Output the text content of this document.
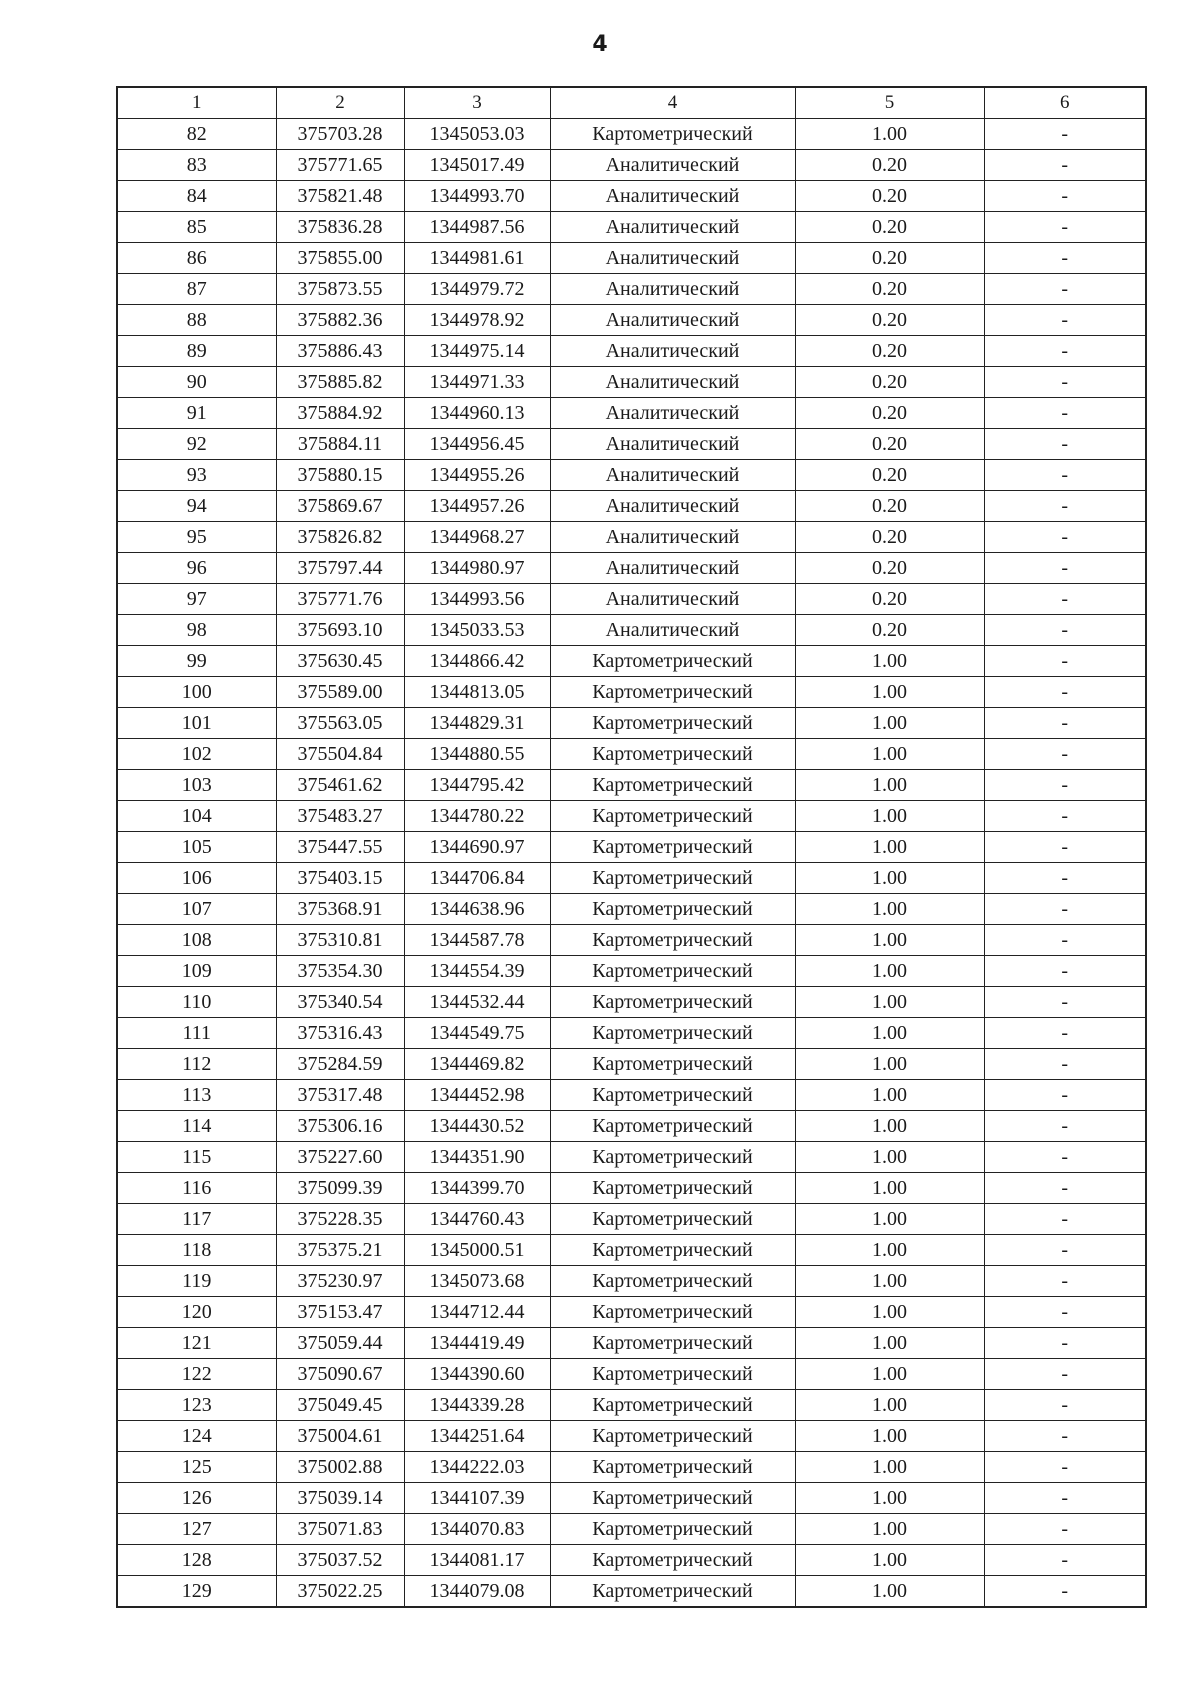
4
1	2	3	4	5	6
82	375703.28	1345053.03	Картометрический	1.00	-
83	375771.65	1345017.49	Аналитический	0.20	-
84	375821.48	1344993.70	Аналитический	0.20	-
85	375836.28	1344987.56	Аналитический	0.20	-
86	375855.00	1344981.61	Аналитический	0.20	-
87	375873.55	1344979.72	Аналитический	0.20	-
88	375882.36	1344978.92	Аналитический	0.20	-
89	375886.43	1344975.14	Аналитический	0.20	-
90	375885.82	1344971.33	Аналитический	0.20	-
91	375884.92	1344960.13	Аналитический	0.20	-
92	375884.11	1344956.45	Аналитический	0.20	-
93	375880.15	1344955.26	Аналитический	0.20	-
94	375869.67	1344957.26	Аналитический	0.20	-
95	375826.82	1344968.27	Аналитический	0.20	-
96	375797.44	1344980.97	Аналитический	0.20	-
97	375771.76	1344993.56	Аналитический	0.20	-
98	375693.10	1345033.53	Аналитический	0.20	-
99	375630.45	1344866.42	Картометрический	1.00	-
100	375589.00	1344813.05	Картометрический	1.00	-
101	375563.05	1344829.31	Картометрический	1.00	-
102	375504.84	1344880.55	Картометрический	1.00	-
103	375461.62	1344795.42	Картометрический	1.00	-
104	375483.27	1344780.22	Картометрический	1.00	-
105	375447.55	1344690.97	Картометрический	1.00	-
106	375403.15	1344706.84	Картометрический	1.00	-
107	375368.91	1344638.96	Картометрический	1.00	-
108	375310.81	1344587.78	Картометрический	1.00	-
109	375354.30	1344554.39	Картометрический	1.00	-
110	375340.54	1344532.44	Картометрический	1.00	-
111	375316.43	1344549.75	Картометрический	1.00	-
112	375284.59	1344469.82	Картометрический	1.00	-
113	375317.48	1344452.98	Картометрический	1.00	-
114	375306.16	1344430.52	Картометрический	1.00	-
115	375227.60	1344351.90	Картометрический	1.00	-
116	375099.39	1344399.70	Картометрический	1.00	-
117	375228.35	1344760.43	Картометрический	1.00	-
118	375375.21	1345000.51	Картометрический	1.00	-
119	375230.97	1345073.68	Картометрический	1.00	-
120	375153.47	1344712.44	Картометрический	1.00	-
121	375059.44	1344419.49	Картометрический	1.00	-
122	375090.67	1344390.60	Картометрический	1.00	-
123	375049.45	1344339.28	Картометрический	1.00	-
124	375004.61	1344251.64	Картометрический	1.00	-
125	375002.88	1344222.03	Картометрический	1.00	-
126	375039.14	1344107.39	Картометрический	1.00	-
127	375071.83	1344070.83	Картометрический	1.00	-
128	375037.52	1344081.17	Картометрический	1.00	-
129	375022.25	1344079.08	Картометрический	1.00	-
